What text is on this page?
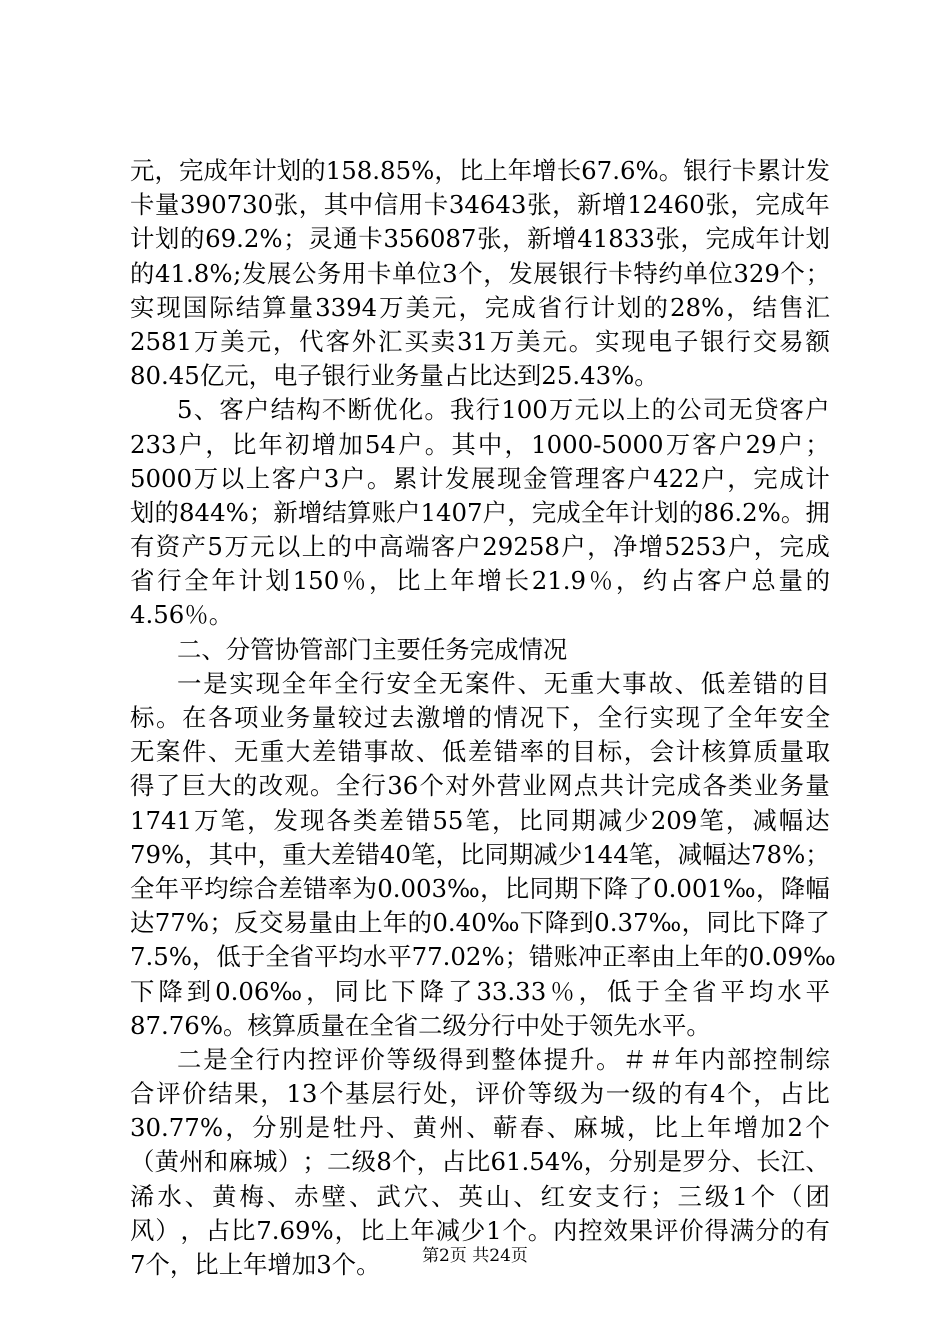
元 ， 完 成 年 计 划 的 158.85% ， 比 上 年 增 长 67.6% 。 银 行 卡 累 计 发
卡 量 390730 张 ， 其 中 信 用 卡 34643 张 ， 新 增 12460 张 ， 完 成 年
计 划 的 69.2% ； 灵 通 卡 356087 张 ， 新 增 41833 张 ， 完 成 年 计 划
的 41.8% ; 发 展 公 务 用 卡 单 位 3 个 ， 发 展 银 行 卡 特 约 单 位 329 个 ；
实 现 国 际 结 算 量 3394 万 美 元 ， 完 成 省 行 计 划 的 28% ， 结 售 汇
2581 万 美 元 ， 代 客 外 汇 买 卖 31 万 美 元 。 实 现 电 子 银 行 交 易 额
80.45亿元，电子银行业务量占比达到25.43%。
5 、 客 户 结 构 不 断 优 化 。 我 行 100 万 元 以 上 的 公 司 无 贷 客 户
233 户 ， 比 年 初 增 加 54 户 。 其 中 ， 1000-5000 万 客 户 29 户 ；
5000 万 以 上 客 户 3 户 。 累 计 发 展 现 金 管 理 客 户 422 户 ， 完 成 计
划 的 844% ； 新 增 结 算 账 户 1407 户 ， 完 成 全 年 计 划 的 86.2% 。 拥
有 资 产 5 万 元 以 上 的 中 高 端 客 户 29258 户 ， 净 增 5253 户 ， 完 成
省 行 全 年 计 划 150 ％ ， 比 上 年 增 长 21.9 ％ ， 约 占 客 户 总 量 的
4.56％。
二、分管协管部门主要任务完成情况
一 是 实 现 全 年 全 行 安 全 无 案 件 、 无 重 大 事 故 、 低 差 错 的 目
标 。 在 各 项 业 务 量 较 过 去 激 增 的 情 况 下 ， 全 行 实 现 了 全 年 安 全
无 案 件 、 无 重 大 差 错 事 故 、 低 差 错 率 的 目 标 ， 会 计 核 算 质 量 取
得 了 巨 大 的 改 观 。 全 行 36 个 对 外 营 业 网 点 共 计 完 成 各 类 业 务 量
1741 万 笔 ， 发 现 各 类 差 错 55 笔 ， 比 同 期 减 少 209 笔 ， 减 幅 达
79% ， 其 中 ， 重 大 差 错 40 笔 ， 比 同 期 减 少 144 笔 ， 减 幅 达 78% ；
全 年 平 均 综 合 差 错 率 为 0.003‰ ， 比 同 期 下 降 了 0.001‰ ， 降 幅
达 77% ； 反 交 易 量 由 上 年 的 0.40‰ 下 降 到 0.37‰ ， 同 比 下 降 了
7.5% ， 低 于 全 省 平 均 水 平 77.02% ； 错 账 冲 正 率 由 上 年 的 0.09‰
下 降 到 0.06‰ ， 同 比 下 降 了 33.33 ％ ， 低 于 全 省 平 均 水 平
87.76%。核算质量在全省二级分行中处于领先水平。
二 是 全 行 内 控 评 价 等 级 得 到 整 体 提 升 。 ＃ ＃ 年 内 部 控 制 综
合 评 价 结 果 ， 13 个 基 层 行 处 ， 评 价 等 级 为 一 级 的 有 4 个 ， 占 比
30.77% ， 分 别 是 牡 丹 、 黄 州 、 蕲 春 、 麻 城 ， 比 上 年 增 加 2 个
（ 黄 州 和 麻 城 ） ； 二 级 8 个 ， 占 比 61.54% ， 分 别 是 罗 分 、 长 江 、
浠 水 、 黄 梅 、 赤 壁 、 武 穴 、 英 山 、 红 安 支 行 ； 三 级 1 个 （ 团
风 ） ， 占 比 7.69% ， 比 上 年 减 少 1 个 。 内 控 效 果 评 价 得 满 分 的 有
7个，比上年增加3个。	第2页 共24页
